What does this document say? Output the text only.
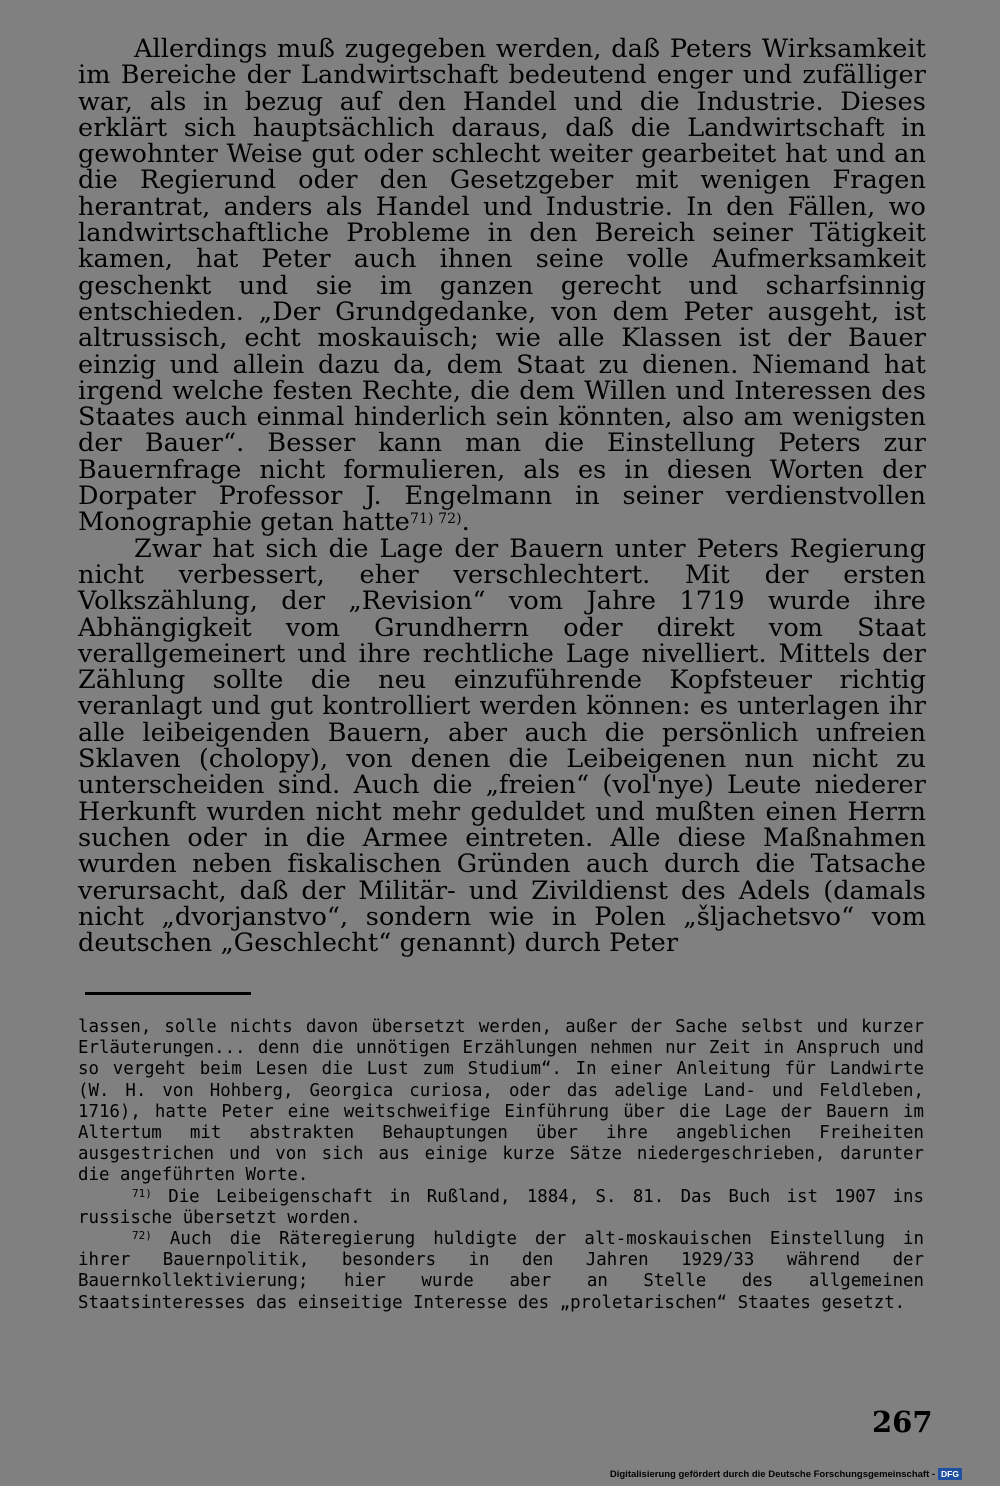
Allerdings muß zugegeben werden, daß Peters Wirksamkeit im Bereiche der Landwirtschaft bedeutend enger und zufälliger war, als in bezug auf den Handel und die Industrie. Dieses erklärt sich hauptsächlich daraus, daß die Landwirtschaft in gewohnter Weise gut oder schlecht weiter gearbeitet hat und an die Regierund oder den Gesetzgeber mit wenigen Fragen herantrat, anders als Handel und Industrie. In den Fällen, wo landwirtschaftliche Probleme in den Bereich seiner Tätigkeit kamen, hat Peter auch ihnen seine volle Aufmerksamkeit geschenkt und sie im ganzen gerecht und scharfsinnig entschieden. „Der Grundgedanke, von dem Peter ausgeht, ist altrussisch, echt moskauisch; wie alle Klassen ist der Bauer einzig und allein dazu da, dem Staat zu dienen. Niemand hat irgend welche festen Rechte, die dem Willen und Interessen des Staates auch einmal hinderlich sein könnten, also am wenigsten der Bauer“. Besser kann man die Einstellung Peters zur Bauernfrage nicht formulieren, als es in diesen Worten der Dorpater Professor J. Engelmann in seiner verdienstvollen Monographie getan hatte$^{71) 72)}$.

Zwar hat sich die Lage der Bauern unter Peters Regierung nicht verbessert, eher verschlechtert. Mit der ersten Volkszählung, der „Revision“ vom Jahre 1719 wurde ihre Abhängigkeit vom Grundherrn oder direkt vom Staat verallgemeinert und ihre rechtliche Lage nivelliert. Mittels der Zählung sollte die neu einzuführende Kopfsteuer richtig veranlagt und gut kontrolliert werden können: es unterlagen ihr alle leibeigenden Bauern, aber auch die persönlich unfreien Sklaven (cholopy), von denen die Leibeigenen nun nicht zu unterscheiden sind. Auch die „freien“ (vol'nye) Leute niederer Herkunft wurden nicht mehr geduldet und mußten einen Herrn suchen oder in die Armee eintreten. Alle diese Maßnahmen wurden neben fiskalischen Gründen auch durch die Tatsache verursacht, daß der Militär- und Zivildienst des Adels (damals nicht „dvorjanstvo“, sondern wie in Polen „šljachetsvo“ vom deutschen „Geschlecht“ genannt) durch Peter

lassen, solle nichts davon übersetzt werden, außer der Sache selbst und kurzer Erläuterungen... denn die unnötigen Erzählungen nehmen nur Zeit in Anspruch und so vergeht beim Lesen die Lust zum Studium“. In einer Anleitung für Landwirte (W. H. von Hohberg, Georgica curiosa, oder das adelige Land- und Feldleben, 1716), hatte Peter eine weitschweifige Einführung über die Lage der Bauern im Altertum mit abstrakten Behauptungen über ihre angeblichen Freiheiten ausgestrichen und von sich aus einige kurze Sätze niedergeschrieben, darunter die angeführten Worte.

$^{71)}$ Die Leibeigenschaft in Rußland, 1884, S. 81. Das Buch ist 1907 ins russische übersetzt worden.

$^{72)}$ Auch die Räteregierung huldigte der alt-moskauischen Einstellung in ihrer Bauernpolitik, besonders in den Jahren 1929/33 während der Bauernkollektivierung; hier wurde aber an Stelle des allgemeinen Staatsinteresses das einseitige Interesse des „proletarischen“ Staates gesetzt.

267
Digitalisierung gefördert durch die Deutsche Forschungsgemeinschaft - DFG
